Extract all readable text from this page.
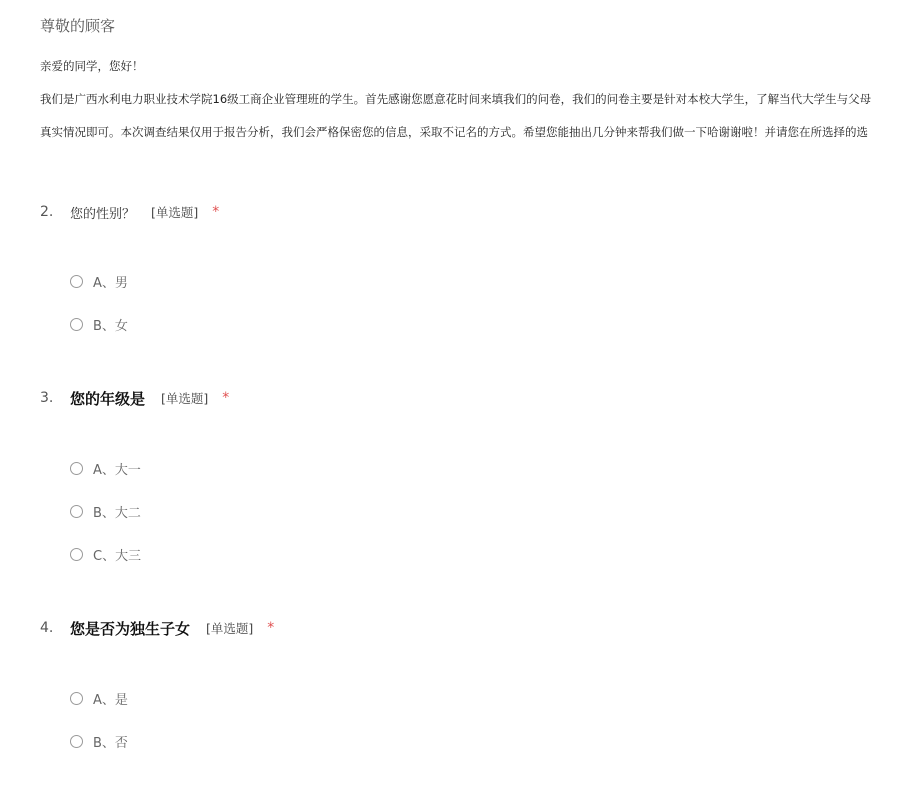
尊敬的顾客
亲爱的同学，您好！
我们是广西水利电力职业技术学院16级工商企业管理班的学生。首先感谢您愿意花时间来填我们的问卷，我们的问卷主要是针对本校大学生，了解当代大学生与父母
真实情况即可。本次调查结果仅用于报告分析，我们会严格保密您的信息，采取不记名的方式。希望您能抽出几分钟来帮我们做一下哈谢谢啦！并请您在所选择的选
2.	您的性别？ [单选题] *
A、男
B、女
3.	您的年级是 [单选题] *
A、大一
B、大二
C、大三
4.	您是否为独生子女 [单选题] *
A、是
B、否
